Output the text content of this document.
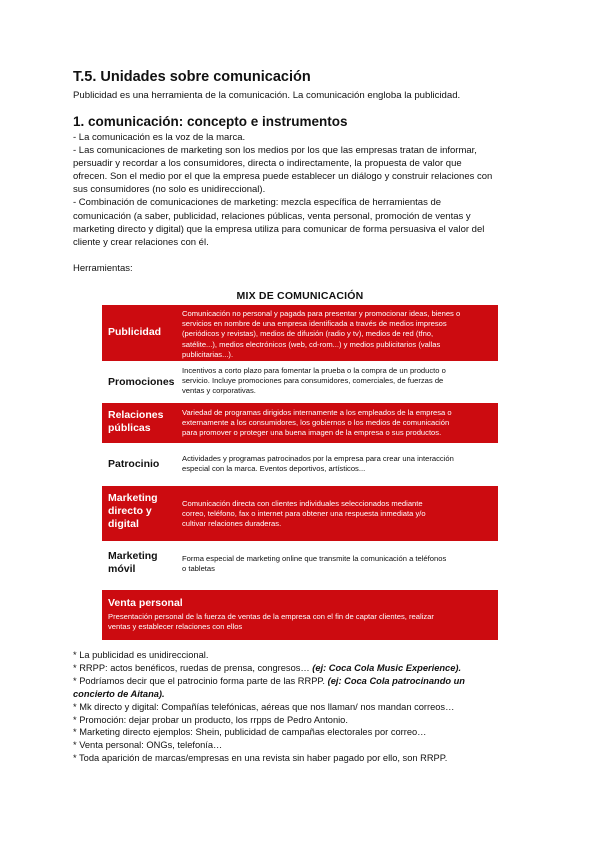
T.5. Unidades sobre comunicación
Publicidad es una herramienta de la comunicación. La comunicación engloba la publicidad.
1. comunicación: concepto e instrumentos
- La comunicación es la voz de la marca.
- Las comunicaciones de marketing son los medios por los que las empresas tratan de informar,
persuadir y recordar a los consumidores, directa o indirectamente, la propuesta de valor que
ofrecen. Son el medio por el que la empresa puede establecer un diálogo y construir relaciones con
sus consumidores (no solo es unidireccional).
- Combinación de comunicaciones de marketing: mezcla específica de herramientas de
comunicación (a saber, publicidad, relaciones públicas, venta personal, promoción de ventas y
marketing directo y digital) que la empresa utiliza para comunicar de forma persuasiva el valor del
cliente y crear relaciones con él.
Herramientas:
MIX DE COMUNICACIÓN
Publicidad
Comunicación no personal y pagada para presentar y promocionar ideas, bienes o
servicios en nombre de una empresa identificada a través de medios impresos
(periódicos y revistas), medios de difusión (radio y tv), medios de red (tfno,
satélite...), medios electrónicos (web, cd-rom...) y medios publicitarios (vallas
publicitarias...).
Promociones
Incentivos a corto plazo para fomentar la prueba o la compra de un producto o
servicio. Incluye promociones para consumidores, comerciales, de fuerzas de
ventas y corporativas.
Relaciones
públicas
Variedad de programas dirigidos internamente a los empleados de la empresa o
externamente a los consumidores, los gobiernos o los medios de comunicación
para promover o proteger una buena imagen de la empresa o sus productos.
Patrocinio	Actividades y programas patrocinados por la empresa para crear una interacción
especial con la marca. Eventos deportivos, artísticos...
Marketing
directo y
digital
Comunicación directa con clientes individuales seleccionados mediante
correo, teléfono, fax o internet para obtener una respuesta inmediata y/o
cultivar relaciones duraderas.
Marketing
móvil
Forma especial de marketing online que transmite la comunicación a teléfonos
o tabletas
Venta personal
Presentación personal de la fuerza de ventas de la empresa con el fin de captar clientes, realizar
ventas y establecer relaciones con ellos
* La publicidad es unidireccional.
* RRPP: actos benéficos, ruedas de prensa, congresos… (ej: Coca Cola Music Experience).
* Podríamos decir que el patrocinio forma parte de las RRPP. (ej: Coca Cola patrocinando un
concierto de Aitana).
* Mk directo y digital: Compañías telefónicas, aéreas que nos llaman/ nos mandan correos…
* Promoción: dejar probar un producto, los rrpps de Pedro Antonio.
* Marketing directo ejemplos: Shein, publicidad de campañas electorales por correo…
* Venta personal: ONGs, telefonía…
* Toda aparición de marcas/empresas en una revista sin haber pagado por ello, son RRPP.
